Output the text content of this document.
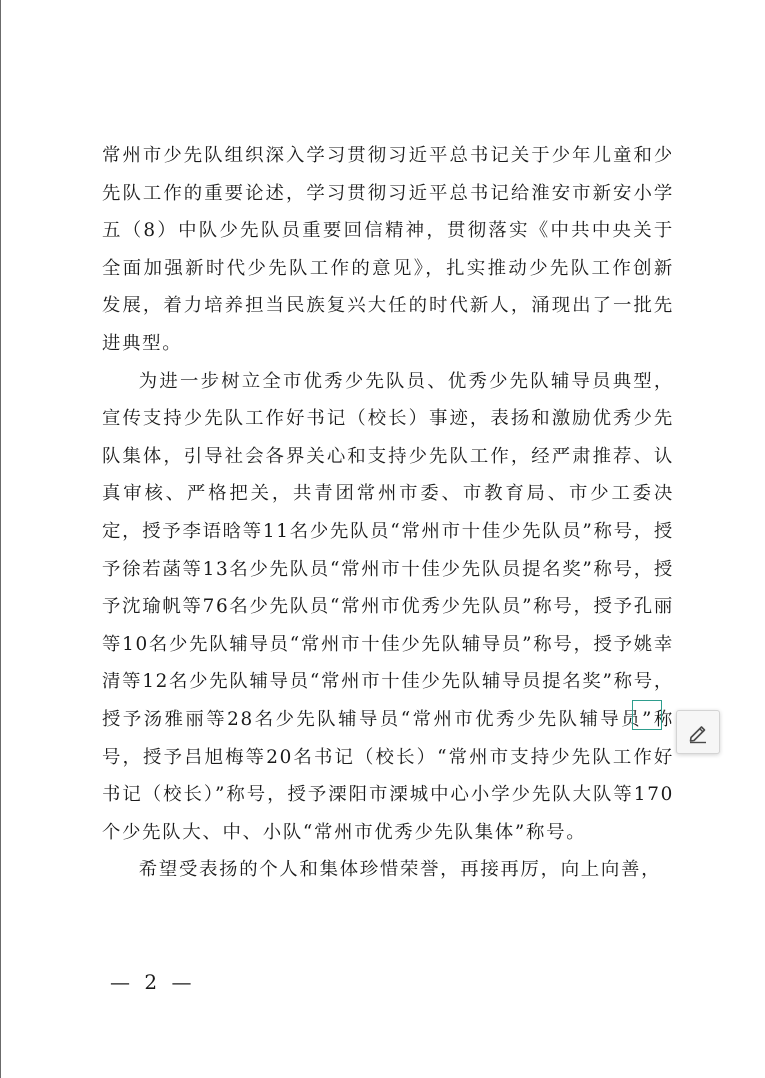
常州市少先队组织深入学习贯彻习近平总书记关于少年儿童和少先队工作的重要论述，学习贯彻习近平总书记给淮安市新安小学五（8）中队少先队员重要回信精神，贯彻落实《中共中央关于全面加强新时代少先队工作的意见》，扎实推动少先队工作创新发展，着力培养担当民族复兴大任的时代新人，涌现出了一批先进典型。

为进一步树立全市优秀少先队员、优秀少先队辅导员典型，宣传支持少先队工作好书记（校长）事迹，表扬和激励优秀少先队集体，引导社会各界关心和支持少先队工作，经严肃推荐、认真审核、严格把关，共青团常州市委、市教育局、市少工委决定，授予李语晗等11名少先队员“常州市十佳少先队员”称号，授予徐若菡等13名少先队员“常州市十佳少先队员提名奖”称号，授予沈瑜帆等76名少先队员“常州市优秀少先队员”称号，授予孔丽等10名少先队辅导员“常州市十佳少先队辅导员”称号，授予姚幸清等12名少先队辅导员“常州市十佳少先队辅导员提名奖”称号，授予汤雅丽等28名少先队辅导员“常州市优秀少先队辅导员”称号，授予吕旭梅等20名书记（校长）“常州市支持少先队工作好书记（校长）”称号，授予溧阳市溧城中心小学少先队大队等170个少先队大、中、小队“常州市优秀少先队集体”称号。

希望受表扬的个人和集体珍惜荣誉，再接再厉，向上向善，

— 2 —
